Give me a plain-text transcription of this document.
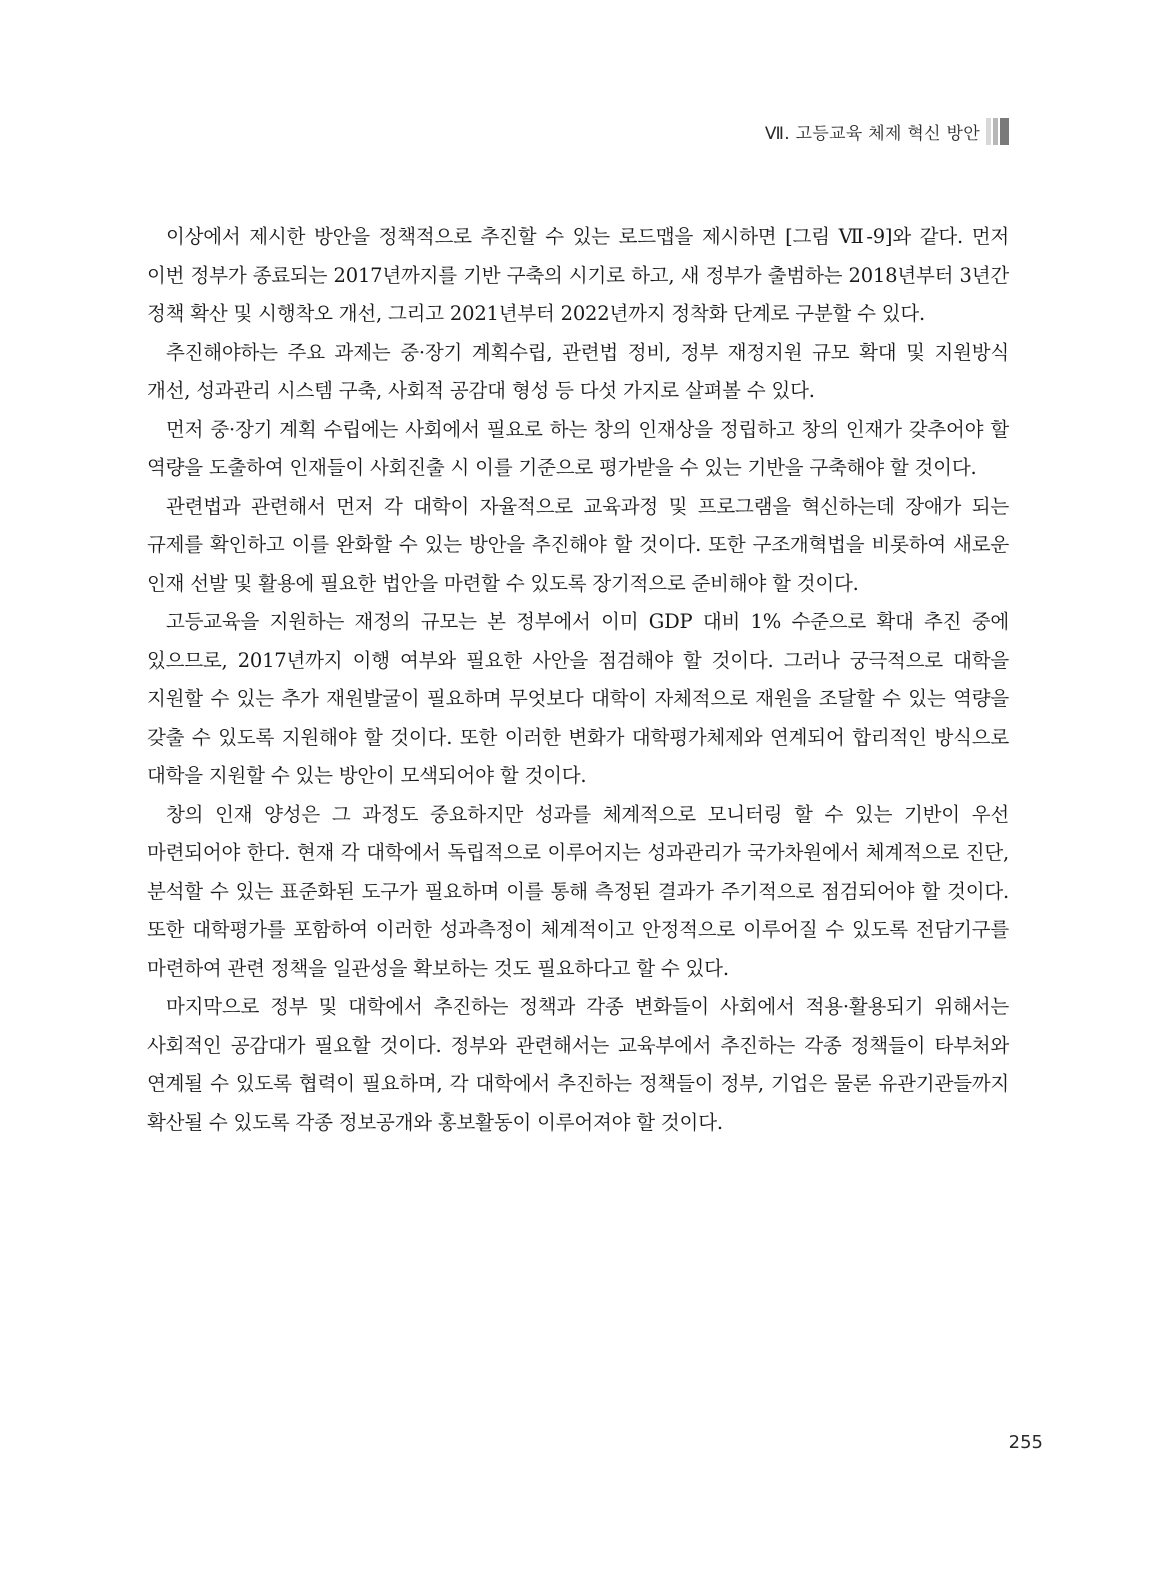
Ⅶ. 고등교육 체제 혁신 방안

이상에서 제시한 방안을 정책적으로 추진할 수 있는 로드맵을 제시하면 [그림 Ⅶ-9]와 같다. 먼저 이번 정부가 종료되는 2017년까지를 기반 구축의 시기로 하고, 새 정부가 출범하는 2018년부터 3년간 정책 확산 및 시행착오 개선, 그리고 2021년부터 2022년까지 정착화 단계로 구분할 수 있다.

추진해야하는 주요 과제는 중·장기 계획수립, 관련법 정비, 정부 재정지원 규모 확대 및 지원방식 개선, 성과관리 시스템 구축, 사회적 공감대 형성 등 다섯 가지로 살펴볼 수 있다.

먼저 중·장기 계획 수립에는 사회에서 필요로 하는 창의 인재상을 정립하고 창의 인재가 갖추어야 할 역량을 도출하여 인재들이 사회진출 시 이를 기준으로 평가받을 수 있는 기반을 구축해야 할 것이다.

관련법과 관련해서 먼저 각 대학이 자율적으로 교육과정 및 프로그램을 혁신하는데 장애가 되는 규제를 확인하고 이를 완화할 수 있는 방안을 추진해야 할 것이다. 또한 구조개혁법을 비롯하여 새로운 인재 선발 및 활용에 필요한 법안을 마련할 수 있도록 장기적으로 준비해야 할 것이다.

고등교육을 지원하는 재정의 규모는 본 정부에서 이미 GDP 대비 1% 수준으로 확대 추진 중에 있으므로, 2017년까지 이행 여부와 필요한 사안을 점검해야 할 것이다. 그러나 궁극적으로 대학을 지원할 수 있는 추가 재원발굴이 필요하며 무엇보다 대학이 자체적으로 재원을 조달할 수 있는 역량을 갖출 수 있도록 지원해야 할 것이다. 또한 이러한 변화가 대학평가체제와 연계되어 합리적인 방식으로 대학을 지원할 수 있는 방안이 모색되어야 할 것이다.

창의 인재 양성은 그 과정도 중요하지만 성과를 체계적으로 모니터링 할 수 있는 기반이 우선 마련되어야 한다. 현재 각 대학에서 독립적으로 이루어지는 성과관리가 국가차원에서 체계적으로 진단, 분석할 수 있는 표준화된 도구가 필요하며 이를 통해 측정된 결과가 주기적으로 점검되어야 할 것이다. 또한 대학평가를 포함하여 이러한 성과측정이 체계적이고 안정적으로 이루어질 수 있도록 전담기구를 마련하여 관련 정책을 일관성을 확보하는 것도 필요하다고 할 수 있다.

마지막으로 정부 및 대학에서 추진하는 정책과 각종 변화들이 사회에서 적용·활용되기 위해서는 사회적인 공감대가 필요할 것이다. 정부와 관련해서는 교육부에서 추진하는 각종 정책들이 타부처와 연계될 수 있도록 협력이 필요하며, 각 대학에서 추진하는 정책들이 정부, 기업은 물론 유관기관들까지 확산될 수 있도록 각종 정보공개와 홍보활동이 이루어져야 할 것이다.

255
